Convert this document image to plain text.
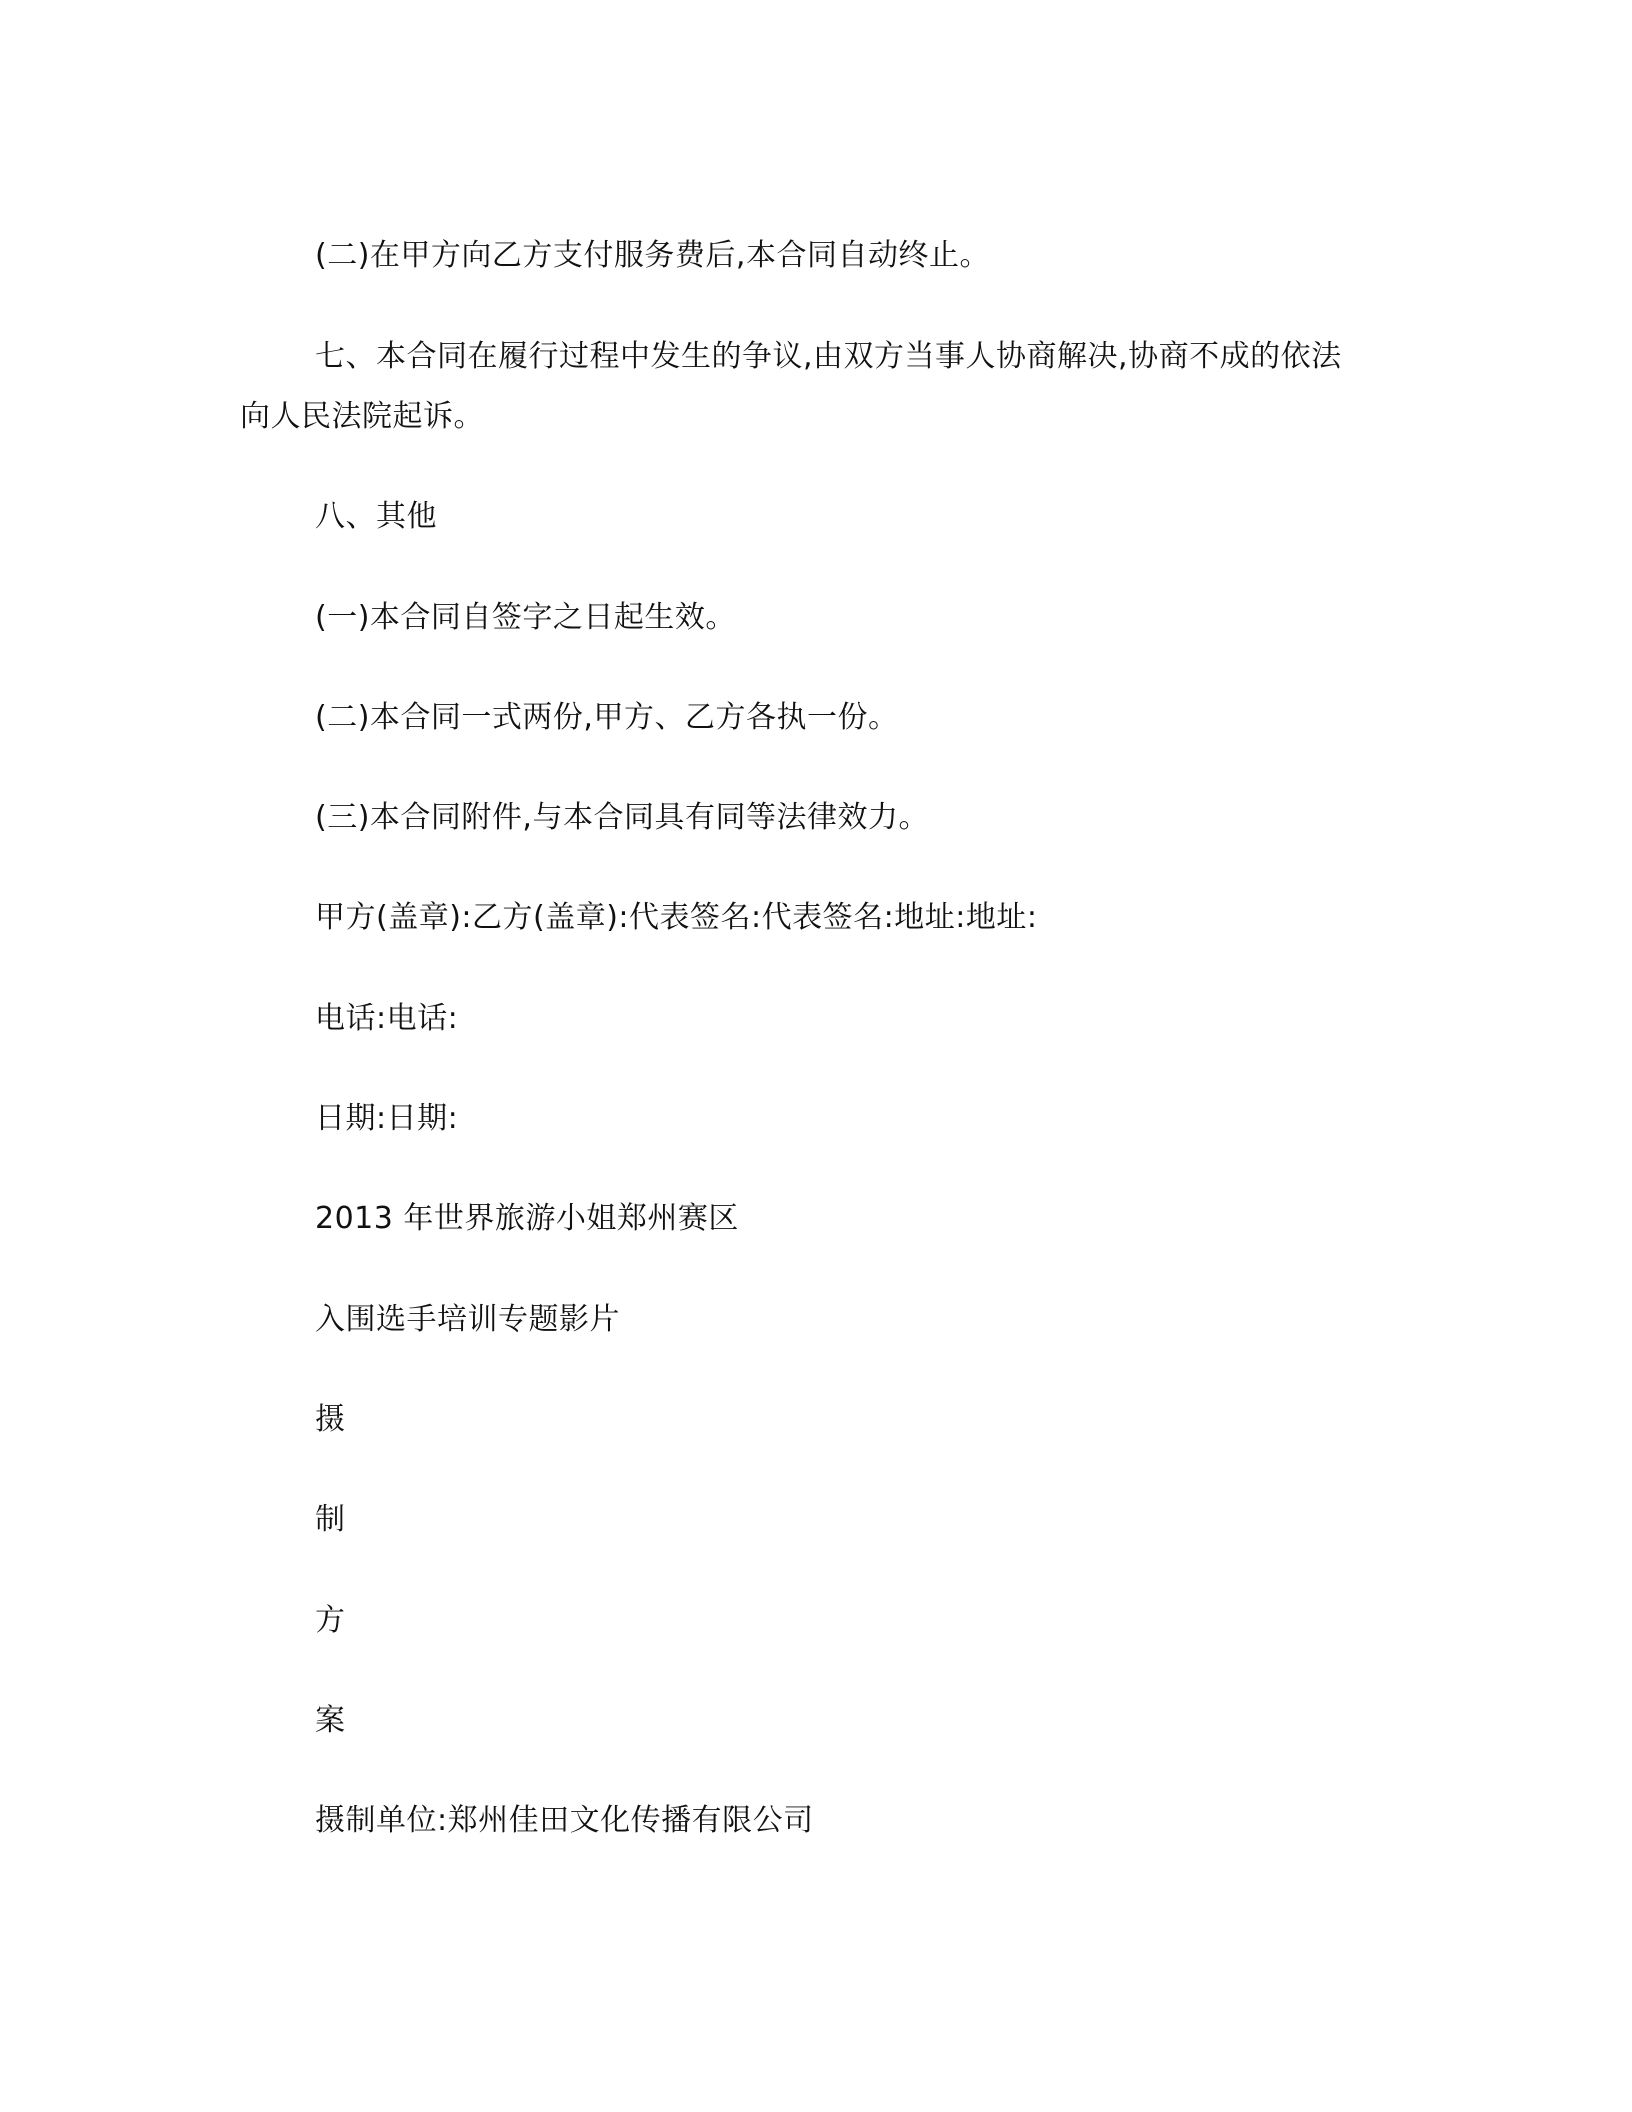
(二)在甲方向乙方支付服务费后,本合同自动终止。
七、本合同在履行过程中发生的争议,由双方当事人协商解决,协商不成的依法
向人民法院起诉。
八、其他
(一)本合同自签字之日起生效。
(二)本合同一式两份,甲方、乙方各执一份。
(三)本合同附件,与本合同具有同等法律效力。
甲方(盖章):乙方(盖章):代表签名:代表签名:地址:地址:
电话:电话:
日期:日期:
2013 年世界旅游小姐郑州赛区
入围选手培训专题影片
摄
制
方
案
摄制单位:郑州佳田文化传播有限公司
